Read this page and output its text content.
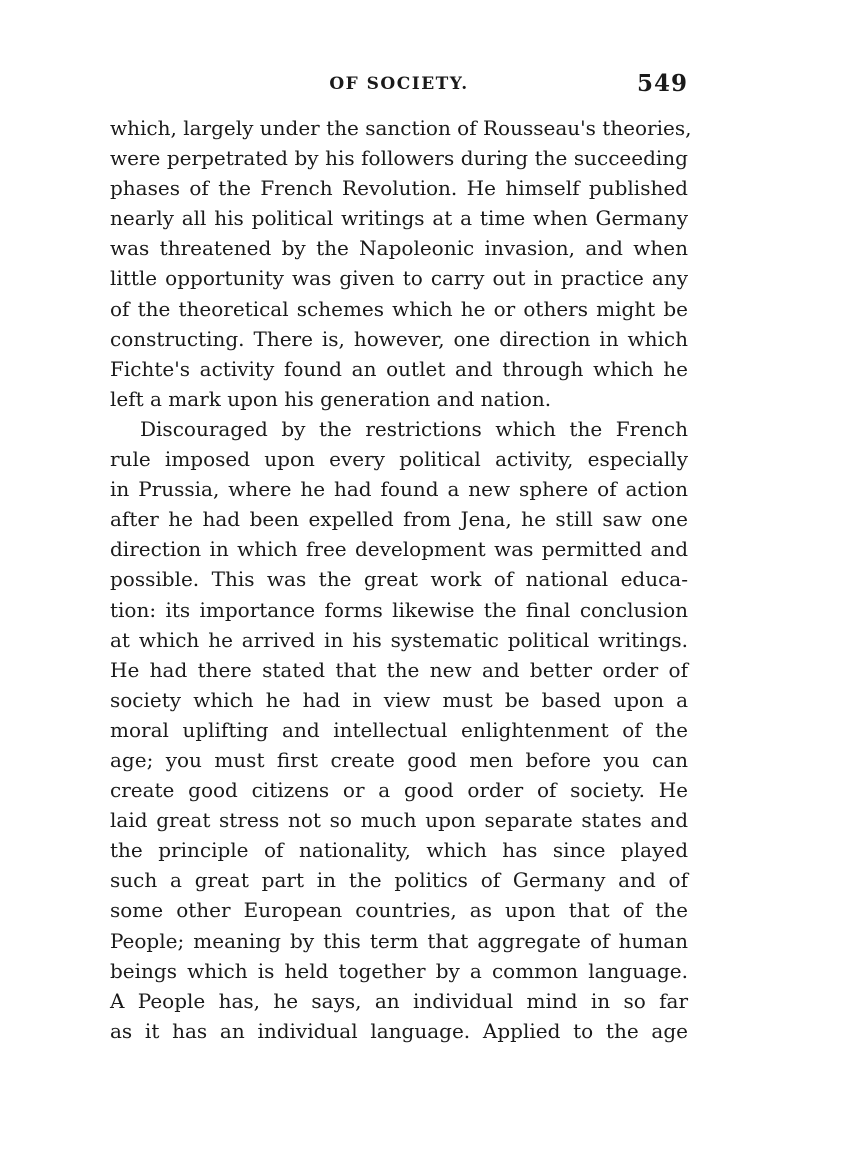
OF SOCIETY.	549
which, largely under the sanction of Rousseau's theories,
were perpetrated by his followers during the succeeding
phases of the French Revolution. He himself published
nearly all his political writings at a time when Germany
was threatened by the Napoleonic invasion, and when
little opportunity was given to carry out in practice any
of the theoretical schemes which he or others might be
constructing. There is, however, one direction in which
Fichte's activity found an outlet and through which he
left a mark upon his generation and nation.
Discouraged by the restrictions which the French
rule imposed upon every political activity, especially
in Prussia, where he had found a new sphere of action
after he had been expelled from Jena, he still saw one
direction in which free development was permitted and
possible. This was the great work of national educa-
tion: its importance forms likewise the final conclusion
at which he arrived in his systematic political writings.
He had there stated that the new and better order of
society which he had in view must be based upon a
moral uplifting and intellectual enlightenment of the
age; you must first create good men before you can
create good citizens or a good order of society. He
laid great stress not so much upon separate states and
the principle of nationality, which has since played
such a great part in the politics of Germany and of
some other European countries, as upon that of the
People; meaning by this term that aggregate of human
beings which is held together by a common language.
A People has, he says, an individual mind in so far
as it has an individual language. Applied to the age
